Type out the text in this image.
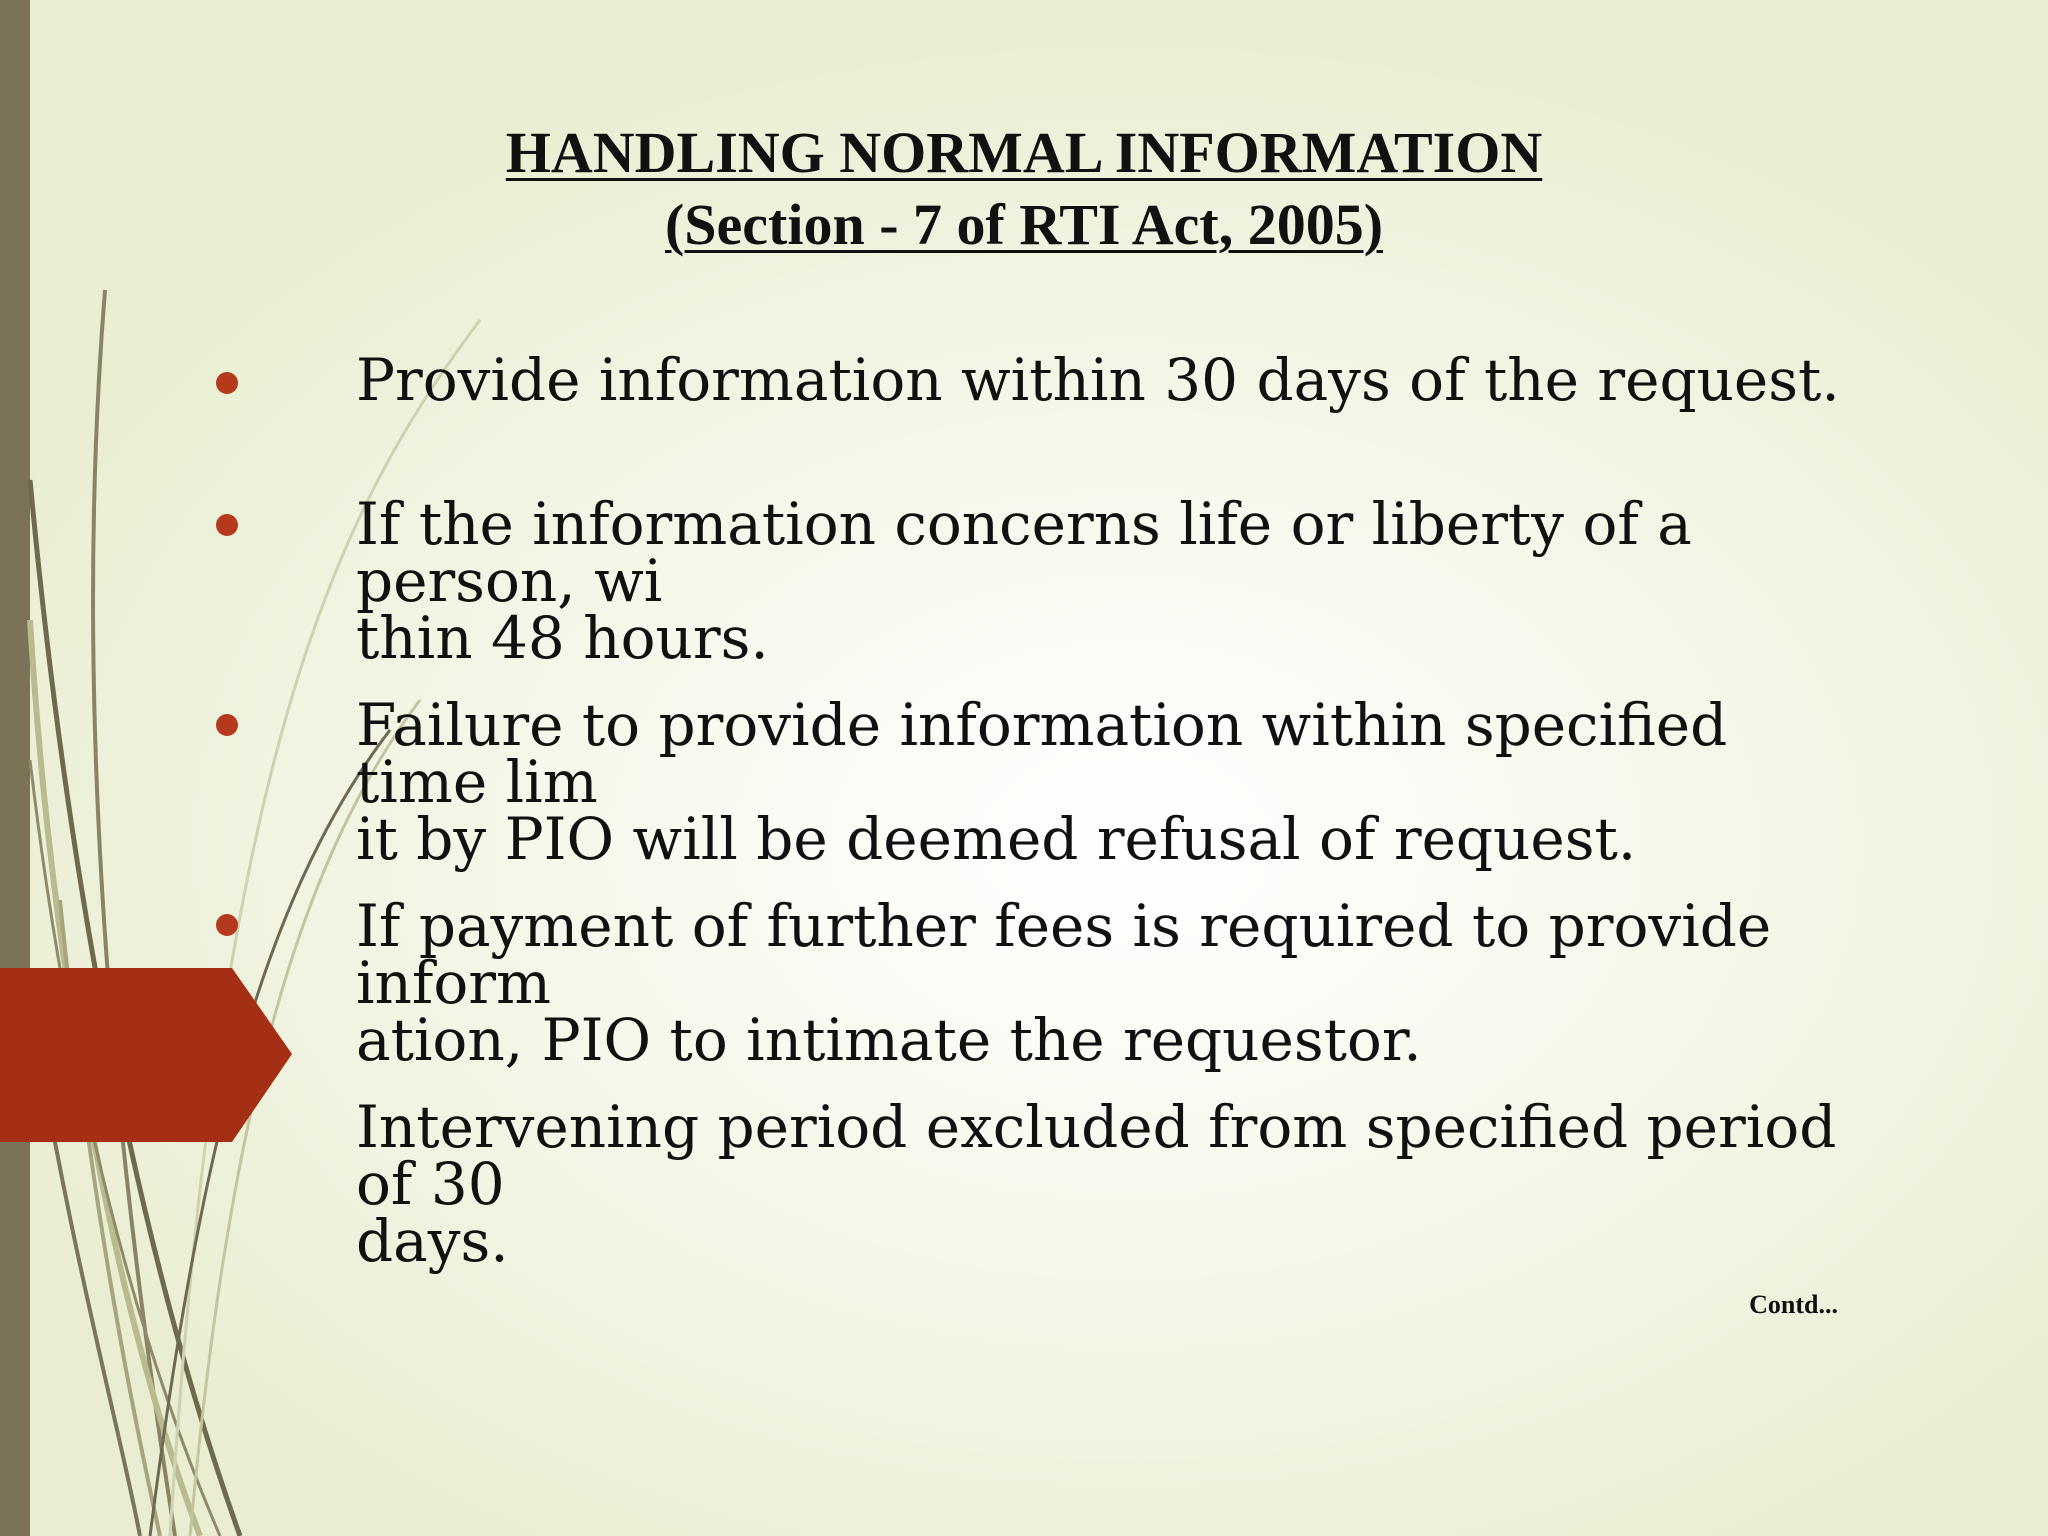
HANDLING NORMAL INFORMATION
(Section - 7 of RTI Act, 2005)
Provide information within 30 days of the request.
If the information concerns life or liberty of a person, wi
thin 48 hours.
Failure to provide information within specified time lim
it by PIO will be deemed refusal of request.
If payment of further fees is required to provide inform
ation, PIO to intimate the requestor.
Intervening period excluded from specified period of 30
days.
Contd...
